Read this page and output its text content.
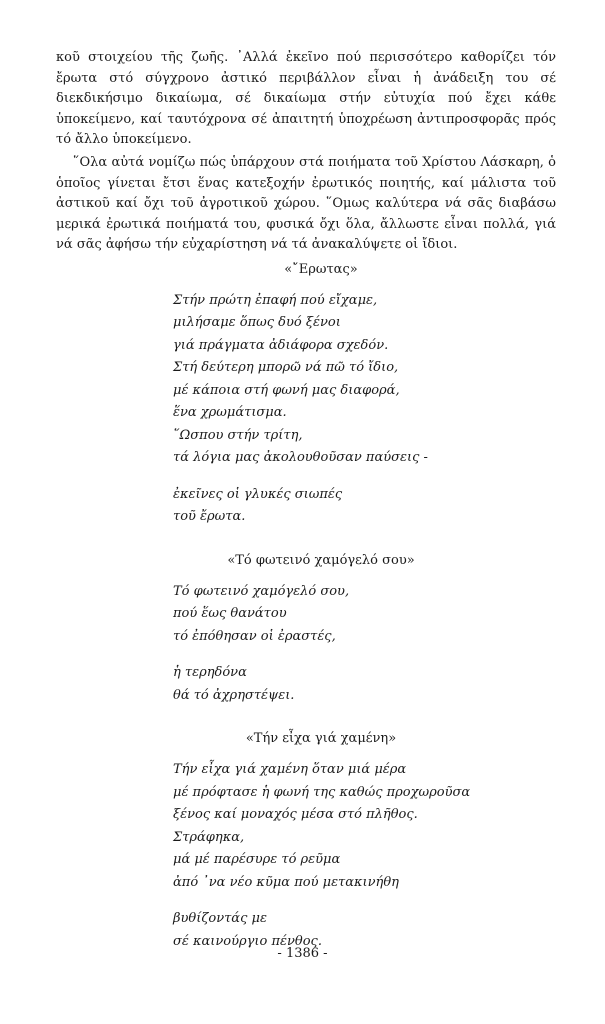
κοῦ στοιχείου τῆς ζωῆς. ᾽Αλλά ἐκεῖνο πού περισσότερο καθορίζει τόν ἔρωτα στό σύγχρονο ἀστικό περιβάλλον εἶναι ἡ ἀνάδειξη του σέ διεκδικήσιμο δικαίωμα, σέ δικαίωμα στήν εὐτυχία πού ἔχει κάθε ὑποκείμενο, καί ταυτόχρονα σέ ἀπαιτητή ὑποχρέωση ἀντιπροσφορᾶς πρός τό ἄλλο ὑποκείμενο.

῞Ολα αὐτά νομίζω πώς ὑπάρχουν στά ποιήματα τοῦ Χρίστου Λάσκαρη, ὁ ὁποῖος γίνεται ἔτσι ἕνας κατεξοχήν ἐρωτικός ποιητής, καί μάλιστα τοῦ ἀστικοῦ καί ὄχι τοῦ ἀγροτικοῦ χώρου. ῞Ομως καλύτερα νά σᾶς διαβάσω μερικά ἐρωτικά ποιήματά του, φυσικά ὄχι ὅλα, ἄλλωστε εἶναι πολλά, γιά νά σᾶς ἀφήσω τήν εὐχαρίστηση νά τά ἀνακαλύψετε οἱ ἴδιοι.

«῎Ερωτας»
Στήν πρώτη ἐπαφή πού εἴχαμε,
μιλήσαμε ὅπως δυό ξένοι
γιά πράγματα ἀδιάφορα σχεδόν.
Στή δεύτερη μπορῶ νά πῶ τό ἴδιο,
μέ κάποια στή φωνή μας διαφορά,
ἕνα χρωμάτισμα.
῞Ωσπου στήν τρίτη,
τά λόγια μας ἀκολουθοῦσαν παύσεις -
ἐκεῖνες οἱ γλυκές σιωπές
τοῦ ἔρωτα.
«Τό φωτεινό χαμόγελό σου»
Τό φωτεινό χαμόγελό σου,
πού ἕως θανάτου
τό ἐπόθησαν οἱ ἐραστές,
ἡ τερηδόνα
θά τό ἀχρηστέψει.
«Τήν εἶχα γιά χαμένη»
Τήν εἶχα γιά χαμένη ὅταν μιά μέρα
μέ πρόφτασε ἡ φωνή της καθώς προχωροῦσα
ξένος καί μοναχός μέσα στό πλῆθος.
Στράφηκα,
μά μέ παρέσυρε τό ρεῦμα
ἀπό ᾽να νέο κῦμα πού μετακινήθη
βυθίζοντάς με
σέ καινούργιο πένθος.
- 1386 -
